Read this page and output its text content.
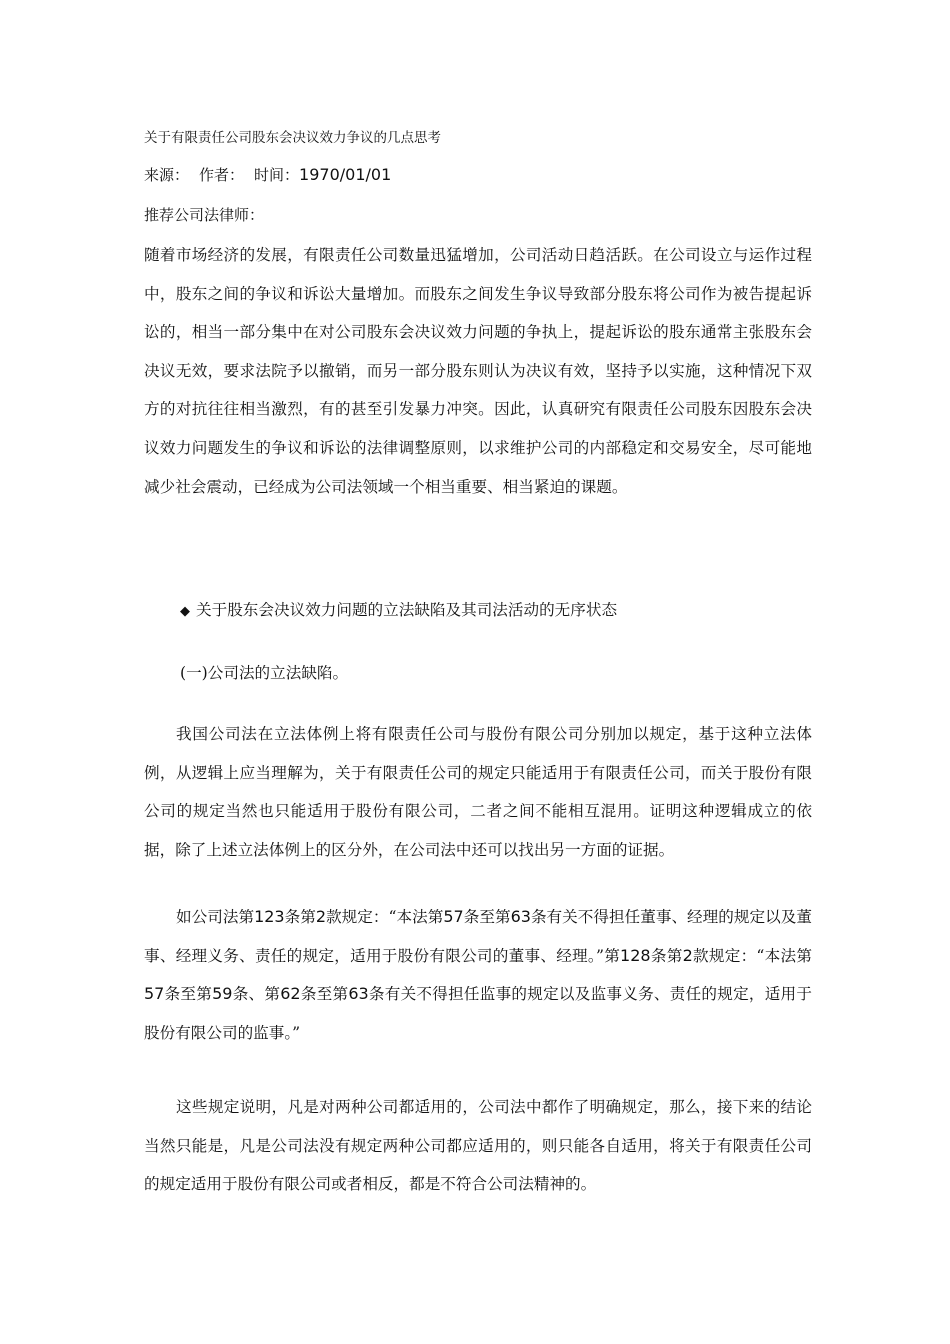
关于有限责任公司股东会决议效力争议的几点思考
来源： 作者： 时间：1970/01/01
推荐公司法律师：
随着市场经济的发展，有限责任公司数量迅猛增加，公司活动日趋活跃。在公司设立与运作过程中，股东之间的争议和诉讼大量增加。而股东之间发生争议导致部分股东将公司作为被告提起诉讼的，相当一部分集中在对公司股东会决议效力问题的争执上，提起诉讼的股东通常主张股东会决议无效，要求法院予以撤销，而另一部分股东则认为决议有效，坚持予以实施，这种情况下双方的对抗往往相当激烈，有的甚至引发暴力冲突。因此，认真研究有限责任公司股东因股东会决议效力问题发生的争议和诉讼的法律调整原则，以求维护公司的内部稳定和交易安全，尽可能地减少社会震动，已经成为公司法领域一个相当重要、相当紧迫的课题。
◆ 关于股东会决议效力问题的立法缺陷及其司法活动的无序状态
(一)公司法的立法缺陷。
我国公司法在立法体例上将有限责任公司与股份有限公司分别加以规定，基于这种立法体例，从逻辑上应当理解为，关于有限责任公司的规定只能适用于有限责任公司，而关于股份有限公司的规定当然也只能适用于股份有限公司，二者之间不能相互混用。证明这种逻辑成立的依据，除了上述立法体例上的区分外，在公司法中还可以找出另一方面的证据。
如公司法第123条第2款规定：“本法第57条至第63条有关不得担任董事、经理的规定以及董事、经理义务、责任的规定，适用于股份有限公司的董事、经理。”第128条第2款规定：“本法第57条至第59条、第62条至第63条有关不得担任监事的规定以及监事义务、责任的规定，适用于股份有限公司的监事。”
这些规定说明，凡是对两种公司都适用的，公司法中都作了明确规定，那么，接下来的结论当然只能是，凡是公司法没有规定两种公司都应适用的，则只能各自适用，将关于有限责任公司的规定适用于股份有限公司或者相反，都是不符合公司法精神的。
